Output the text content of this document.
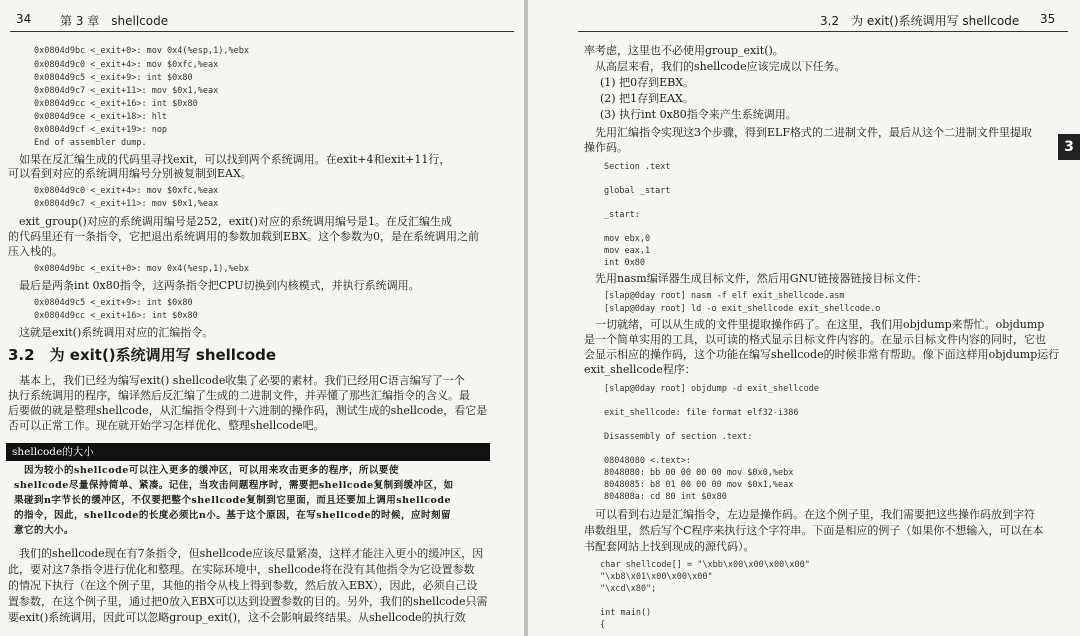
34 第 3 章　shellcode
0x0804d9bc <_exit+0>: mov 0x4(%esp,1),%ebx
0x0804d9c0 <_exit+4>: mov $0xfc,%eax
0x0804d9c5 <_exit+9>: int $0x80
0x0804d9c7 <_exit+11>: mov $0x1,%eax
0x0804d9cc <_exit+16>: int $0x80
0x0804d9ce <_exit+18>: hlt
0x0804d9cf <_exit+19>: nop
End of assembler dump.
　如果在反汇编生成的代码里寻找exit，可以找到两个系统调用。在exit+4和exit+11行，
可以看到对应的系统调用编号分别被复制到EAX。
0x0804d9c0 <_exit+4>: mov $0xfc,%eax
0x0804d9c7 <_exit+11>: mov $0x1,%eax
　exit_group()对应的系统调用编号是252，exit()对应的系统调用编号是1。在反汇编生成
的代码里还有一条指令，它把退出系统调用的参数加载到EBX。这个参数为0，是在系统调用之前
压入栈的。
0x0804d9bc <_exit+0>: mov 0x4(%esp,1),%ebx
　最后是两条int 0x80指令，这两条指令把CPU切换到内核模式，并执行系统调用。
0x0804d9c5 <_exit+9>: int $0x80
0x0804d9cc <_exit+16>: int $0x80
　这就是exit()系统调用对应的汇编指令。
3.2　为 exit()系统调用写 shellcode
　基本上，我们已经为编写exit() shellcode收集了必要的素材。我们已经用C语言编写了一个
执行系统调用的程序，编译然后反汇编了生成的二进制文件，并弄懂了那些汇编指令的含义。最
后要做的就是整理shellcode，从汇编指令得到十六进制的操作码，测试生成的shellcode，看它是
否可以正常工作。现在就开始学习怎样优化、整理shellcode吧。
shellcode的大小
　因为较小的shellcode可以注入更多的缓冲区，可以用来攻击更多的程序，所以要使
shellcode尽量保持简单、紧凑。记住，当攻击问题程序时，需要把shellcode复制到缓冲区，如
果碰到n字节长的缓冲区，不仅要把整个shellcode复制到它里面，而且还要加上调用shellcode
的指令，因此，shellcode的长度必须比n小。基于这个原因，在写shellcode的时候，应时刻留
意它的大小。
　我们的shellcode现在有7条指令，但shellcode应该尽量紧凑，这样才能注入更小的缓冲区，因
此，要对这7条指令进行优化和整理。在实际环境中，shellcode将在没有其他指令为它设置参数
的情况下执行（在这个例子里，其他的指令从栈上得到参数，然后放入EBX），因此，必须自己设
置参数，在这个例子里，通过把0放入EBX可以达到设置参数的目的。另外，我们的shellcode只需
要exit()系统调用，因此可以忽略group_exit()，这不会影响最终结果。从shellcode的执行效
3.2　为 exit()系统调用写 shellcode 35
3
率考虑，这里也不必使用group_exit()。
　从高层来看，我们的shellcode应该完成以下任务。
(1) 把0存到EBX。
(2) 把1存到EAX。
(3) 执行int 0x80指令来产生系统调用。
　先用汇编指令实现这3个步骤，得到ELF格式的二进制文件，最后从这个二进制文件里提取
操作码。
Section .text
global _start
_start:
mov ebx,0
mov eax,1
int 0x80
　先用nasm编译器生成目标文件，然后用GNU链接器链接目标文件：
[slap@0day root] nasm -f elf exit_shellcode.asm
[slap@0day root] ld -o exit_shellcode exit_shellcode.o
　一切就绪，可以从生成的文件里提取操作码了。在这里，我们用objdump来帮忙。objdump
是一个简单实用的工具，以可读的格式显示目标文件内容的。在显示目标文件内容的同时，它也
会显示相应的操作码，这个功能在编写shellcode的时候非常有帮助。像下面这样用objdump运行
exit_shellcode程序：
[slap@0day root] objdump -d exit_shellcode
exit_shellcode: file format elf32-i386
Disassembly of section .text:
08048080 <.text>:
8048080: bb 00 00 00 00 mov $0x0,%ebx
8048085: b8 01 00 00 00 mov $0x1,%eax
804808a: cd 80 int $0x80
　可以看到右边是汇编指令，左边是操作码。在这个例子里，我们需要把这些操作码放到字符
串数组里，然后写个C程序来执行这个字符串。下面是相应的例子（如果你不想输入，可以在本
书配套网站上找到现成的源代码）。
char shellcode[] = "\xbb\x00\x00\x00\x00"
"\xb8\x01\x00\x00\x00"
"\xcd\x80";
int main()
{
